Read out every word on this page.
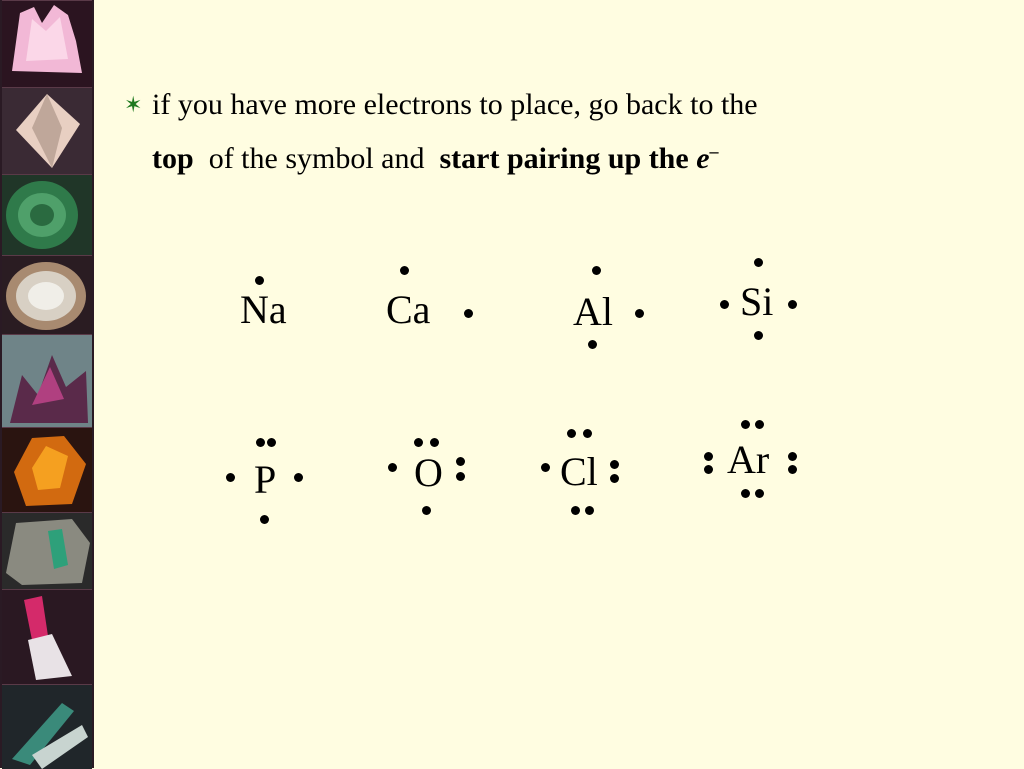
✶ if you have more electrons to place, go back to the
top of the symbol and start pairing up the e–
Na Ca	Al	Si
P	O	Cl	Ar
